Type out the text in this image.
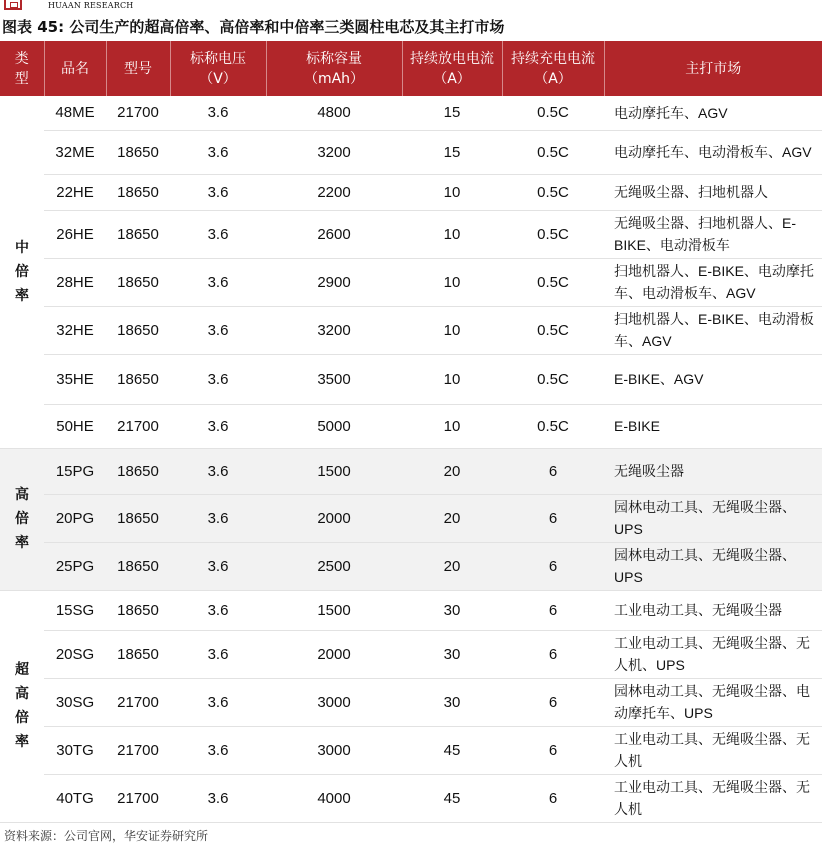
HUAAN RESEARCH
图表 45: 公司生产的超高倍率、高倍率和中倍率三类圆柱电芯及其主打市场
类型	品名	型号	标称电压（V）	标称容量（mAh）	持续放电电流（A）	持续充电电流（A）	主打市场
中倍率	48ME	21700	3.6	4800	15	0.5C	电动摩托车、AGV
	32ME	18650	3.6	3200	15	0.5C	电动摩托车、电动滑板车、AGV
	22HE	18650	3.6	2200	10	0.5C	无绳吸尘器、扫地机器人
	26HE	18650	3.6	2600	10	0.5C	无绳吸尘器、扫地机器人、E-BIKE、电动滑板车
	28HE	18650	3.6	2900	10	0.5C	扫地机器人、E-BIKE、电动摩托车、电动滑板车、AGV
	32HE	18650	3.6	3200	10	0.5C	扫地机器人、E-BIKE、电动滑板车、AGV
	35HE	18650	3.6	3500	10	0.5C	E-BIKE、AGV
	50HE	21700	3.6	5000	10	0.5C	E-BIKE
高倍率	15PG	18650	3.6	1500	20	6	无绳吸尘器
	20PG	18650	3.6	2000	20	6	园林电动工具、无绳吸尘器、UPS
	25PG	18650	3.6	2500	20	6	园林电动工具、无绳吸尘器、UPS
超高倍率	15SG	18650	3.6	1500	30	6	工业电动工具、无绳吸尘器
	20SG	18650	3.6	2000	30	6	工业电动工具、无绳吸尘器、无人机、UPS
	30SG	21700	3.6	3000	30	6	园林电动工具、无绳吸尘器、电动摩托车、UPS
	30TG	21700	3.6	3000	45	6	工业电动工具、无绳吸尘器、无人机
	40TG	21700	3.6	4000	45	6	工业电动工具、无绳吸尘器、无人机
资料来源：公司官网，华安证券研究所
